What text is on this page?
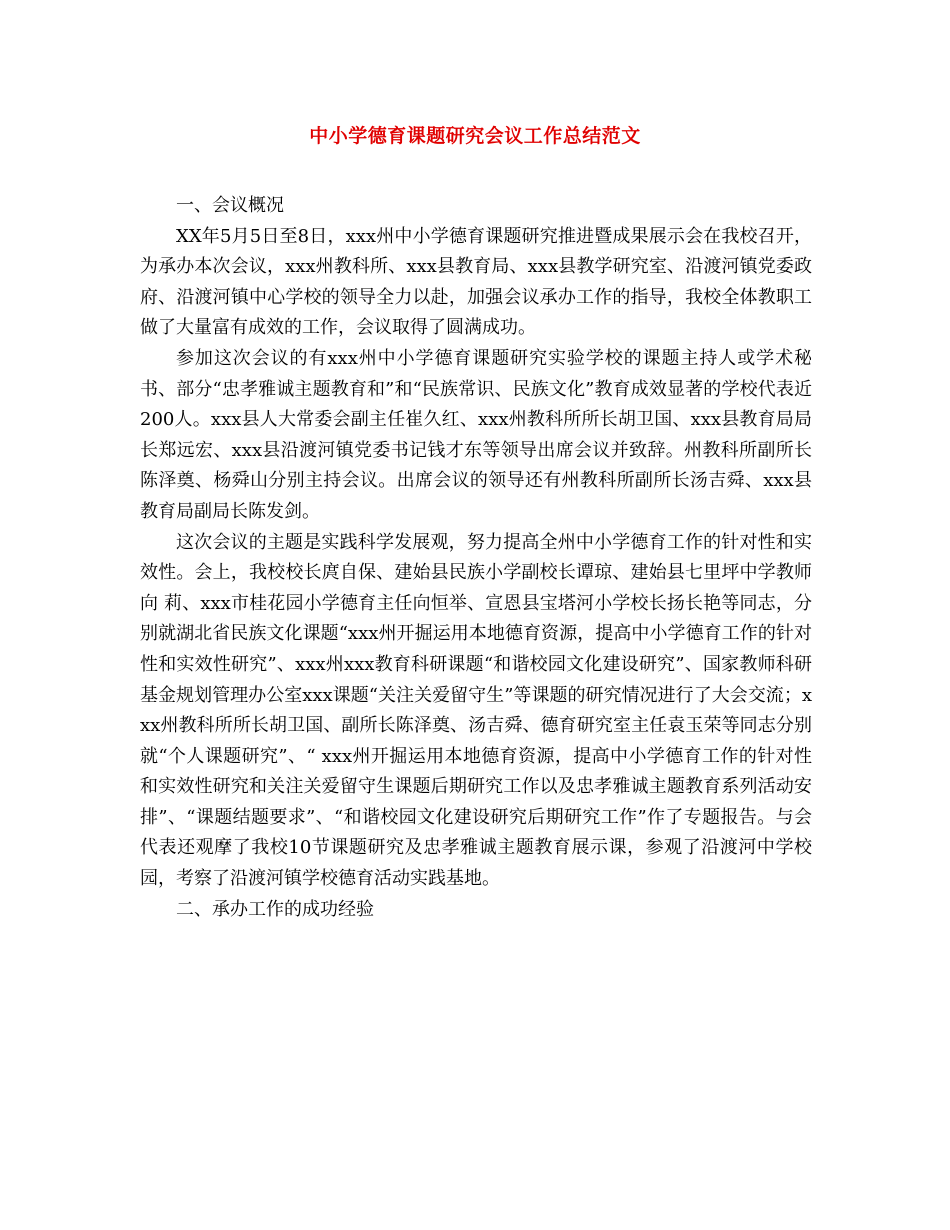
中小学德育课题研究会议工作总结范文

一、会议概况

XX年5月5日至8日，xxx州中小学德育课题研究推进暨成果展示会在我校召开，为承办本次会议，xxx州教科所、xxx县教育局、xxx县教学研究室、沿渡河镇党委政府、沿渡河镇中心学校的领导全力以赴，加强会议承办工作的指导，我校全体教职工做了大量富有成效的工作，会议取得了圆满成功。

参加这次会议的有xxx州中小学德育课题研究实验学校的课题主持人或学术秘书、部分“忠孝雅诚主题教育和”和“民族常识、民族文化”教育成效显著的学校代表近200人。xxx县人大常委会副主任崔久红、xxx州教科所所长胡卫国、xxx县教育局局长郑远宏、xxx县沿渡河镇党委书记钱才东等领导出席会议并致辞。州教科所副所长陈泽奠、杨舜山分别主持会议。出席会议的领导还有州教科所副所长汤吉舜、xxx县教育局副局长陈发剑。

这次会议的主题是实践科学发展观，努力提高全州中小学德育工作的针对性和实效性。会上，我校校长庹自保、建始县民族小学副校长谭琼、建始县七里坪中学教师向 莉、xxx市桂花园小学德育主任向恒举、宣恩县宝塔河小学校长扬长艳等同志，分别就湖北省民族文化课题“xxx州开掘运用本地德育资源，提高中小学德育工作的针对性和实效性研究”、xxx州xxx教育科研课题“和谐校园文化建设研究”、国家教师科研基金规划管理办公室xxx课题“关注关爱留守生”等课题的研究情况进行了大会交流；xxx州教科所所长胡卫国、副所长陈泽奠、汤吉舜、德育研究室主任袁玉荣等同志分别就“个人课题研究”、“ xxx州开掘运用本地德育资源，提高中小学德育工作的针对性和实效性研究和关注关爱留守生课题后期研究工作以及忠孝雅诚主题教育系列活动安排”、“课题结题要求”、“和谐校园文化建设研究后期研究工作”作了专题报告。与会代表还观摩了我校10节课题研究及忠孝雅诚主题教育展示课，参观了沿渡河中学校园，考察了沿渡河镇学校德育活动实践基地。

二、承办工作的成功经验
